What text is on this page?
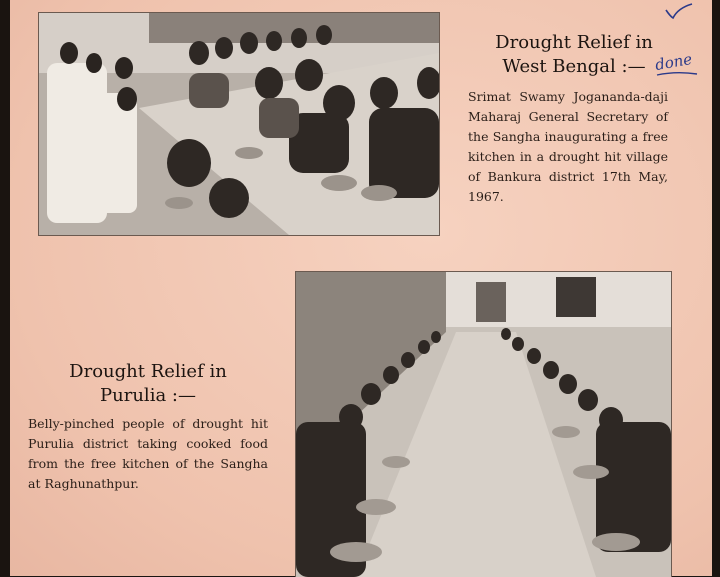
Drought Relief in
West Bengal :—
Srimat Swamy Jogananda-daji Maharaj General Secretary of the Sangha inaugurating a free kitchen in a drought hit village of Bankura district 17th May, 1967.
done
Drought Relief in
Purulia :—
Belly-pinched people of drought hit Purulia district taking cooked food from the free kitchen of the Sangha at Raghunathpur.
